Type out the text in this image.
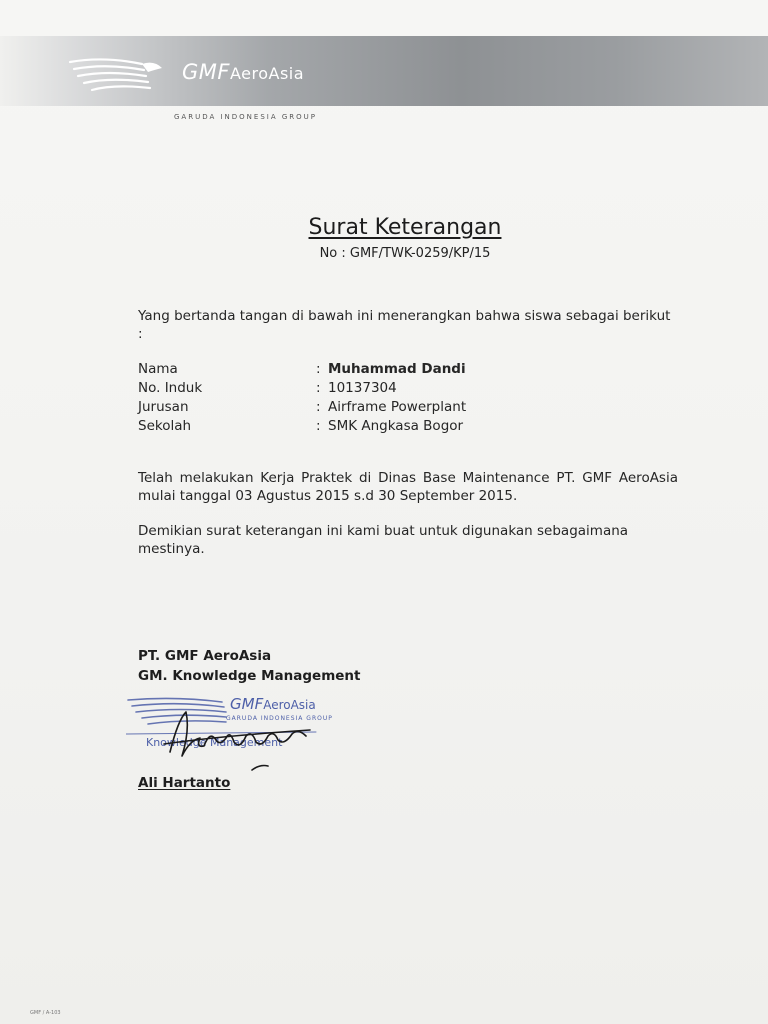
GMFAeroAsia
GARUDA INDONESIA GROUP
Surat Keterangan
No : GMF/TWK-0259/KP/15
Yang bertanda tangan di bawah ini menerangkan bahwa siswa sebagai berikut :
Nama	: Muhammad Dandi
No. Induk	: 10137304
Jurusan	: Airframe Powerplant
Sekolah	: SMK Angkasa Bogor
Telah melakukan Kerja Praktek di Dinas Base Maintenance PT. GMF AeroAsia mulai tanggal 03 Agustus 2015 s.d 30 September 2015.
Demikian surat keterangan ini kami buat untuk digunakan sebagaimana mestinya.
PT. GMF AeroAsia
GM. Knowledge Management
GMFAeroAsia
GARUDA INDONESIA GROUP
Knowledge Management
Ali Hartanto
GMF / A-103
